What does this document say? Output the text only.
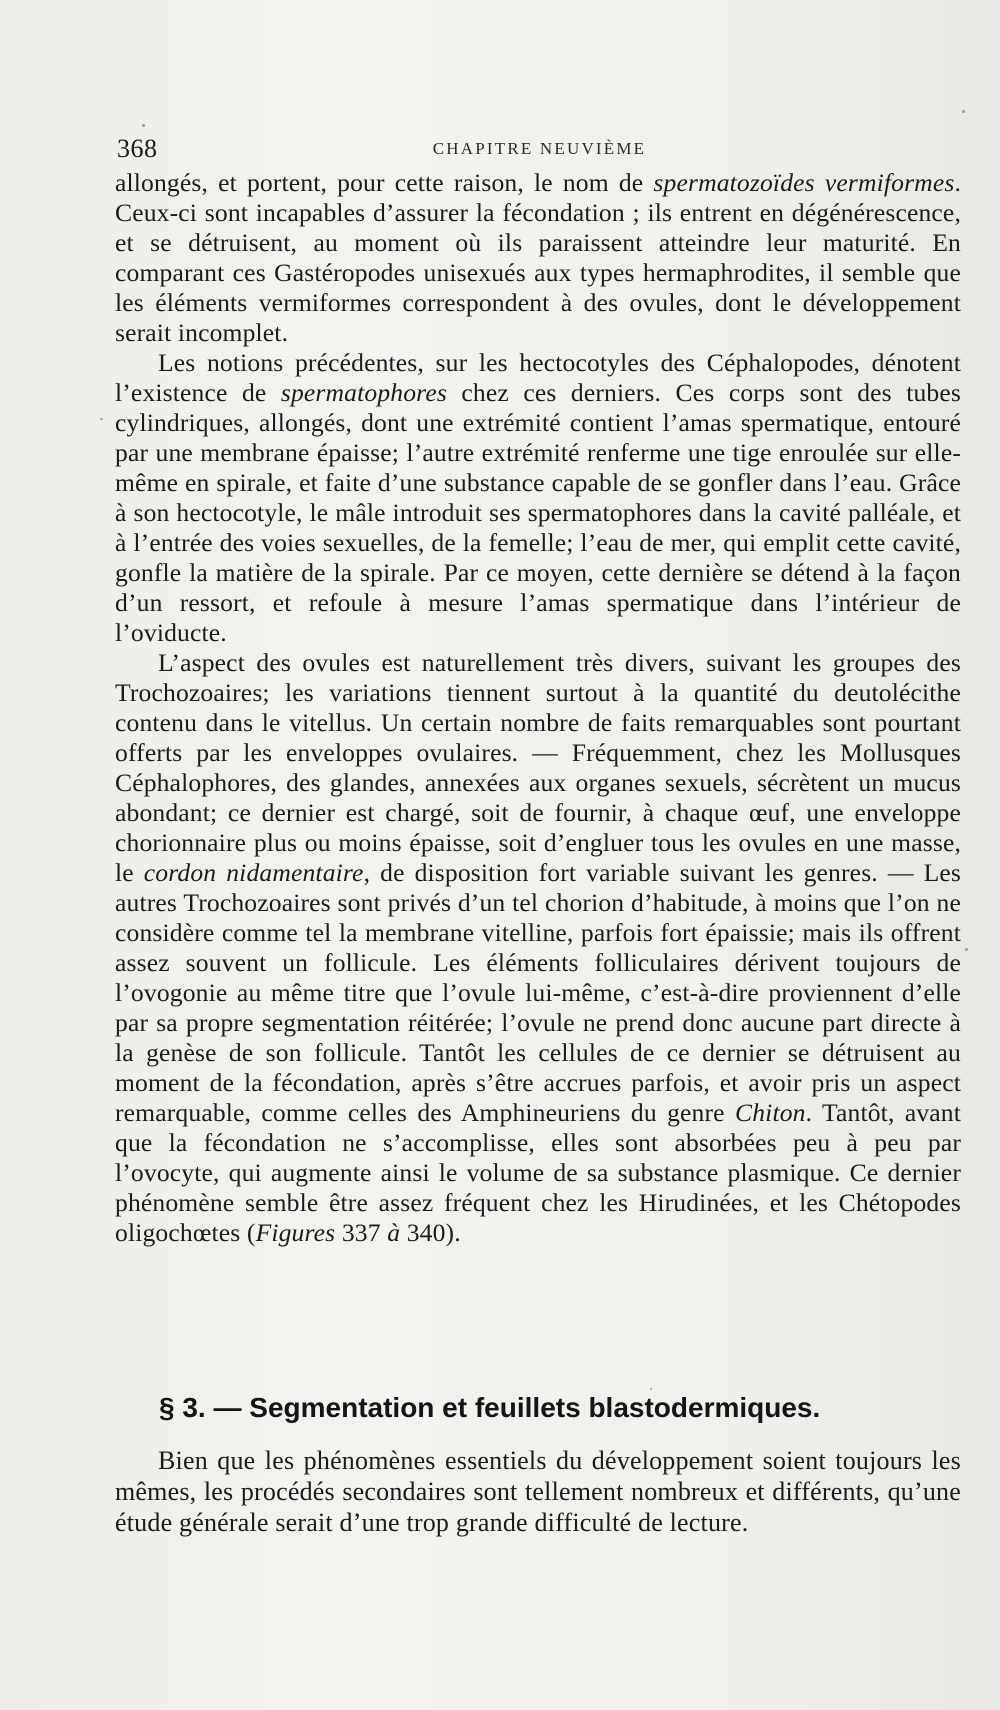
368	CHAPITRE NEUVIÈME

allongés, et portent, pour cette raison, le nom de spermatozoïdes vermiformes. Ceux-ci sont incapables d’assurer la fécondation ; ils entrent en dégénérescence, et se détruisent, au moment où ils paraissent atteindre leur maturité. En comparant ces Gastéropodes unisexués aux types hermaphrodites, il semble que les éléments vermiformes correspondent à des ovules, dont le développement serait incomplet.

Les notions précédentes, sur les hectocotyles des Céphalopodes, dénotent l’existence de spermatophores chez ces derniers. Ces corps sont des tubes cylindriques, allongés, dont une extrémité contient l’amas spermatique, entouré par une membrane épaisse; l’autre extrémité renferme une tige enroulée sur elle-même en spirale, et faite d’une substance capable de se gonfler dans l’eau. Grâce à son hectocotyle, le mâle introduit ses spermatophores dans la cavité palléale, et à l’entrée des voies sexuelles, de la femelle; l’eau de mer, qui emplit cette cavité, gonfle la matière de la spirale. Par ce moyen, cette dernière se détend à la façon d’un ressort, et refoule à mesure l’amas spermatique dans l’intérieur de l’oviducte.

L’aspect des ovules est naturellement très divers, suivant les groupes des Trochozoaires; les variations tiennent surtout à la quantité du deutolécithe contenu dans le vitellus. Un certain nombre de faits remarquables sont pourtant offerts par les enveloppes ovulaires. — Fréquemment, chez les Mollusques Céphalophores, des glandes, annexées aux organes sexuels, sécrètent un mucus abondant; ce dernier est chargé, soit de fournir, à chaque œuf, une enveloppe chorionnaire plus ou moins épaisse, soit d’engluer tous les ovules en une masse, le cordon nidamentaire, de disposition fort variable suivant les genres. — Les autres Trochozoaires sont privés d’un tel chorion d’habitude, à moins que l’on ne considère comme tel la membrane vitelline, parfois fort épaissie; mais ils offrent assez souvent un follicule. Les éléments folliculaires dérivent toujours de l’ovogonie au même titre que l’ovule lui-même, c’est-à-dire proviennent d’elle par sa propre segmentation réitérée; l’ovule ne prend donc aucune part directe à la genèse de son follicule. Tantôt les cellules de ce dernier se détruisent au moment de la fécondation, après s’être accrues parfois, et avoir pris un aspect remarquable, comme celles des Amphineuriens du genre Chiton. Tantôt, avant que la fécondation ne s’accomplisse, elles sont absorbées peu à peu par l’ovocyte, qui augmente ainsi le volume de sa substance plasmique. Ce dernier phénomène semble être assez fréquent chez les Hirudinées, et les Chétopodes oligochœtes (Figures 337 à 340).

§ 3. — Segmentation et feuillets blastodermiques.
Bien que les phénomènes essentiels du développement soient toujours les mêmes, les procédés secondaires sont tellement nombreux et différents, qu’une étude générale serait d’une trop grande difficulté de lecture.
